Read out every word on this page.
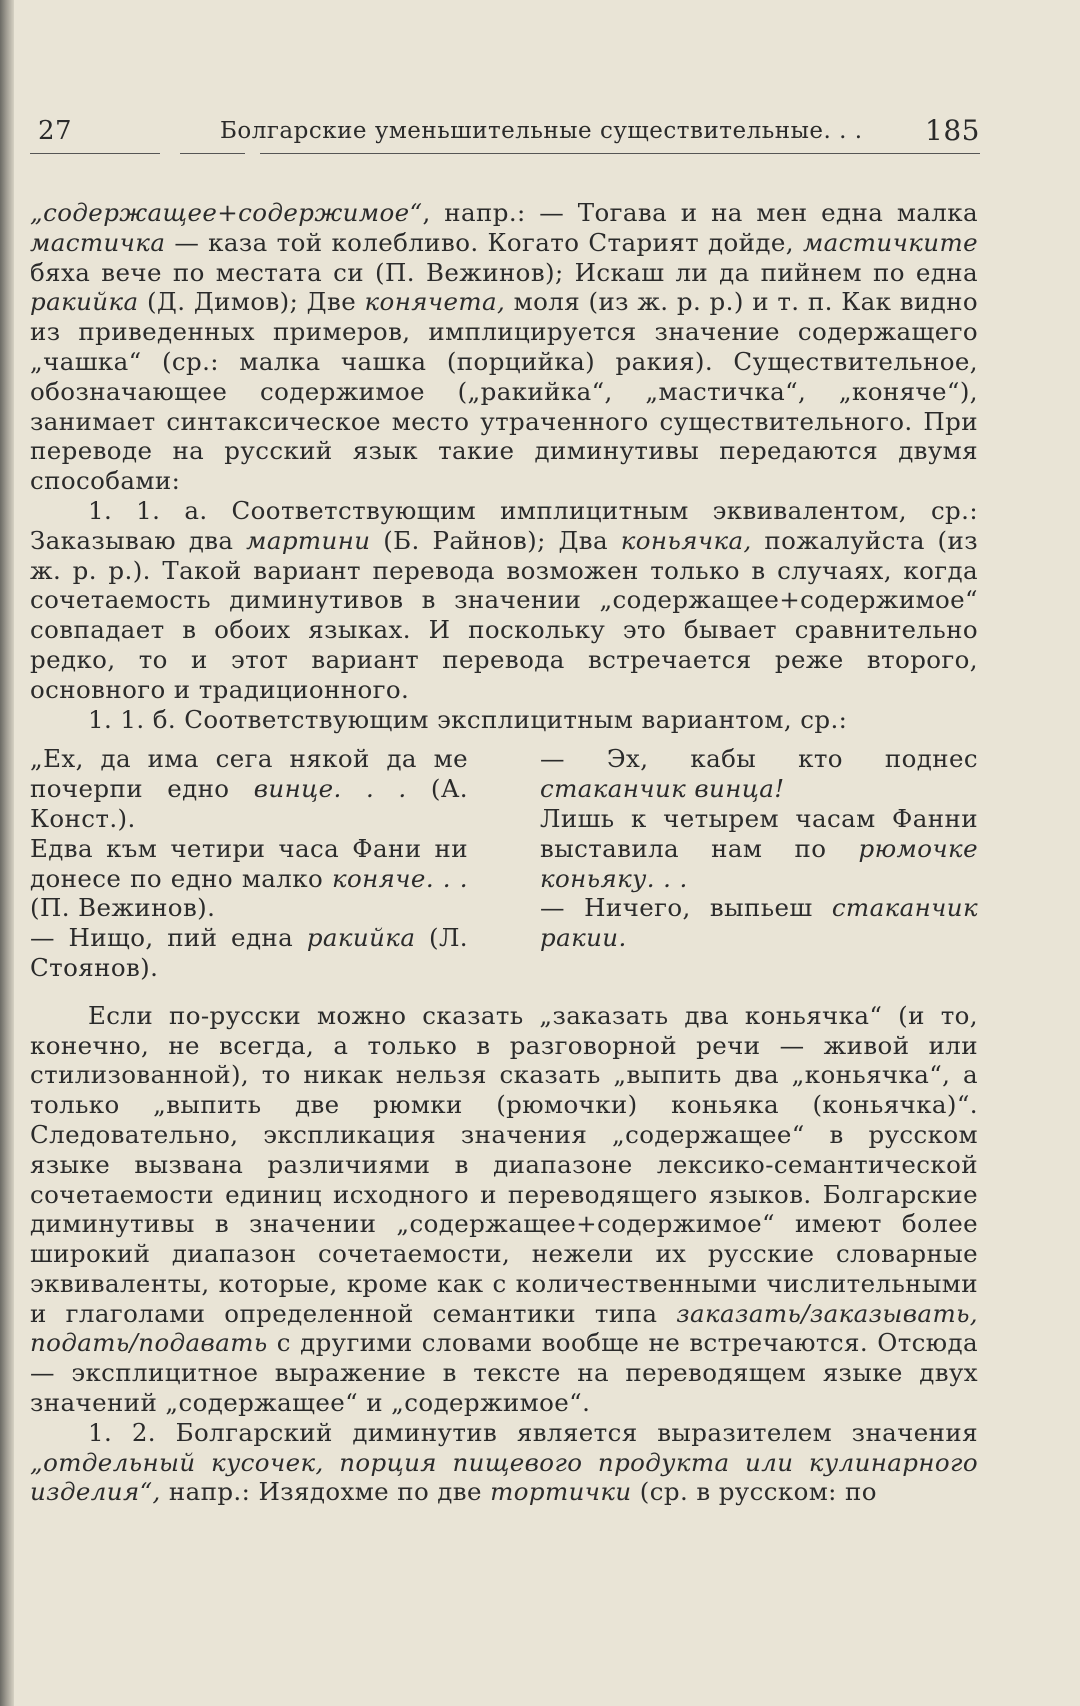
27	Болгарские уменьшительные существительные. . . 185

„содержащее+содержимое“, напр.: — Тогава и на мен една малка мастичка — каза той колебливо. Когато Старият дойде, мастичките бяха вече по местата си (П. Вежинов); Искаш ли да пийнем по една ракийка (Д. Димов); Две конячета, моля (из ж. р. р.) и т. п. Как видно из приведенных примеров, имплицируется значение содержащего „чашка“ (ср.: малка чашка (порцийка) ракия). Существительное, обозначающее содержимое („ракийка“, „мастичка“, „коняче“), занимает синтаксическое место утраченного существительного. При переводе на русский язык такие диминутивы передаются двумя способами:

1. 1. а. Соответствующим имплицитным эквивалентом, ср.: Заказываю два мартини (Б. Райнов); Два коньячка, пожалуйста (из ж. р. р.). Такой вариант перевода возможен только в случаях, когда сочетаемость диминутивов в значении „содержащее+содержимое“ совпадает в обоих языках. И поскольку это бывает сравнительно редко, то и этот вариант перевода встречается реже второго, основного и традиционного.

1. 1. б. Соответствующим эксплицитным вариантом, ср.:

„Ех, да има сега някой да ме почерпи едно винце. . . (А. Конст.).

Едва към четири часа Фани ни донесе по едно малко коняче. . . (П. Вежинов).

— Нищо, пий една ракийка (Л. Стоянов).

— Эх, кабы кто поднес стаканчик винца!

Лишь к четырем часам Фанни выставила нам по рюмочке коньяку. . .

— Ничего, выпьеш стаканчик ракии.

Если по-русски можно сказать „заказать два коньячка“ (и то, конечно, не всегда, а только в разговорной речи — живой или стилизованной), то никак нельзя сказать „выпить два „коньячка“, а только „выпить две рюмки (рюмочки) коньяка (коньячка)“. Следовательно, экспликация значения „содержащее“ в русском языке вызвана различиями в диапазоне лексико-семантической сочетаемости единиц исходного и переводящего языков. Болгарские диминутивы в значении „содержащее+содержимое“ имеют более широкий диапазон сочетаемости, нежели их русские словарные эквиваленты, которые, кроме как с количественными числительными и глаголами определенной семантики типа заказать/заказывать, подать/подавать с другими словами вообще не встречаются. Отсюда — эксплицитное выражение в тексте на переводящем языке двух значений „содержащее“ и „содержимое“.

1. 2. Болгарский диминутив является выразителем значения „отдельный кусочек, порция пищевого продукта или кулинарного изделия“, напр.: Изядохме по две тортички (ср. в русском: по
